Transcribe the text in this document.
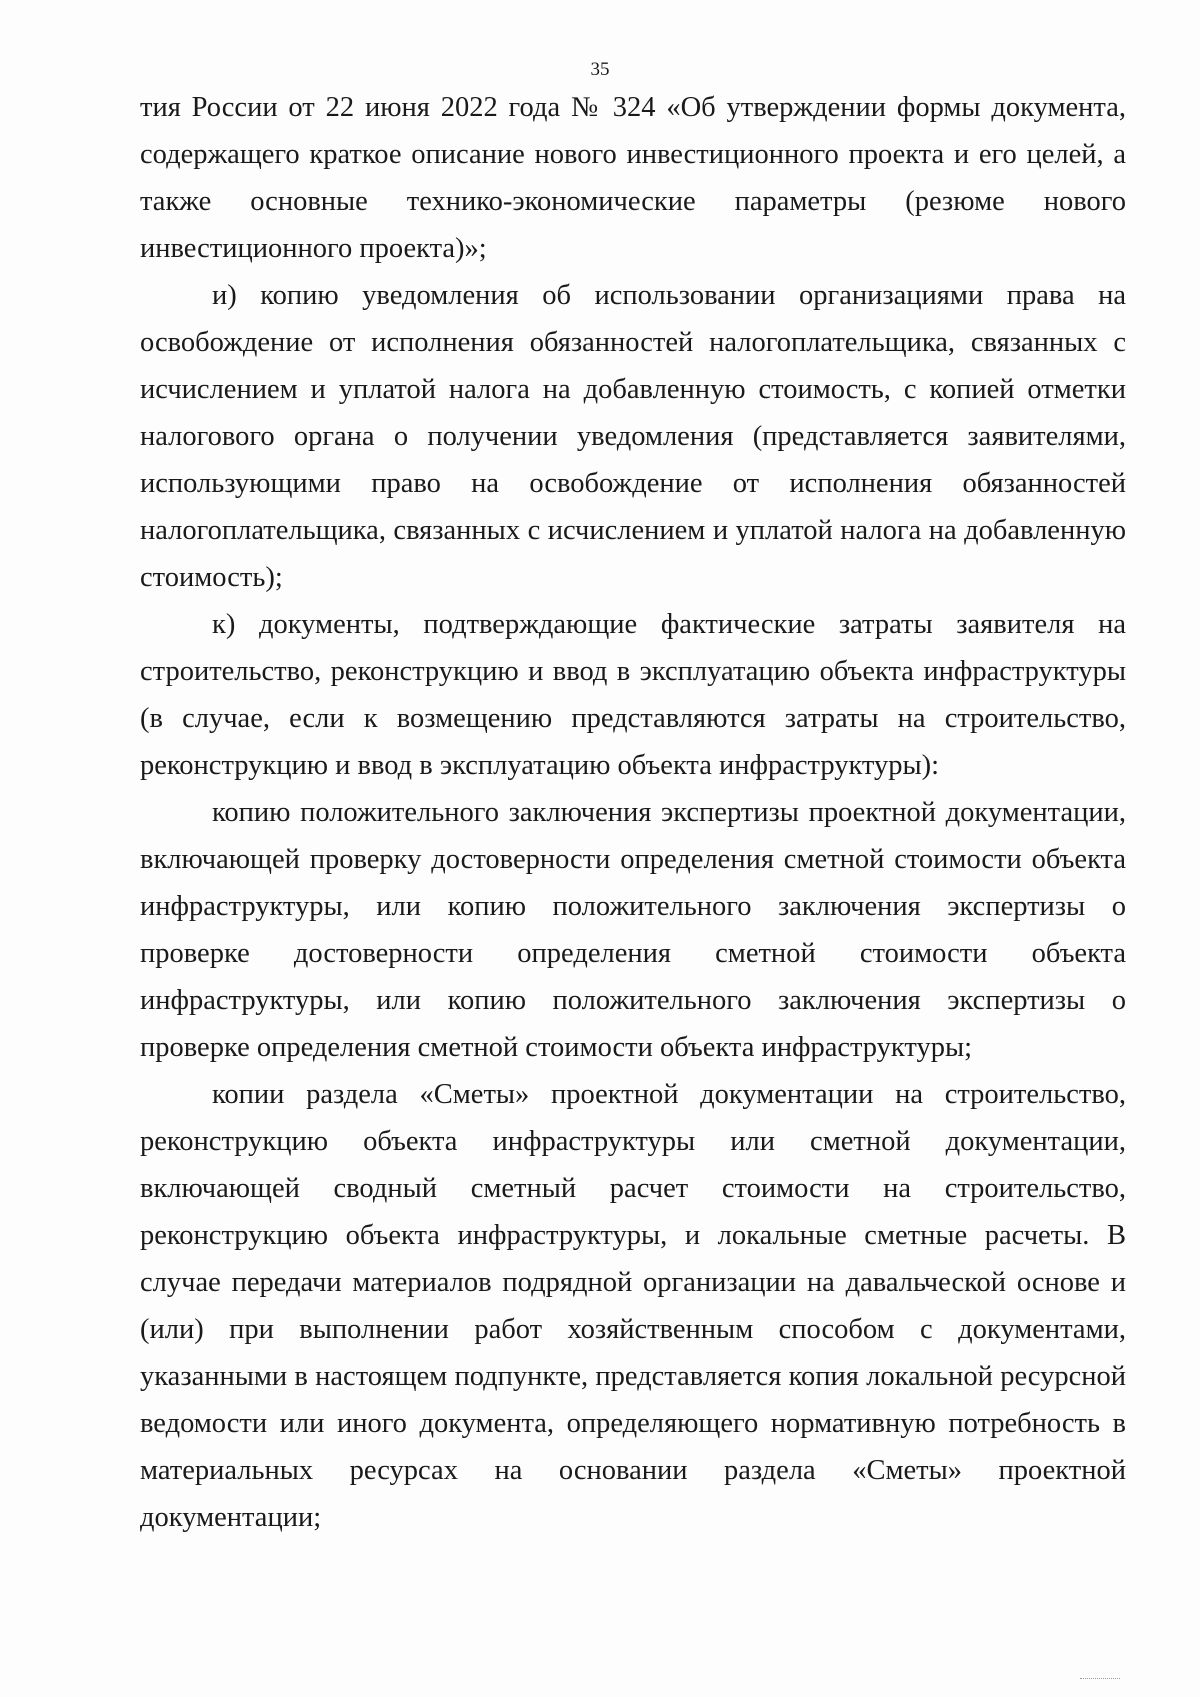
35

тия России от 22 июня 2022 года № 324 «Об утверждении формы документа, содержащего краткое описание нового инвестиционного проекта и его целей, а также основные технико-экономические параметры (резюме нового инвестиционного проекта)»;

и) копию уведомления об использовании организациями права на освобождение от исполнения обязанностей налогоплательщика, связанных с исчислением и уплатой налога на добавленную стоимость, с копией отметки налогового органа о получении уведомления (представляется заявителями, использующими право на освобождение от исполнения обязанностей налогоплательщика, связанных с исчислением и уплатой налога на добавленную стоимость);

к) документы, подтверждающие фактические затраты заявителя на строительство, реконструкцию и ввод в эксплуатацию объекта инфраструктуры (в случае, если к возмещению представляются затраты на строительство, реконструкцию и ввод в эксплуатацию объекта инфраструктуры):

копию положительного заключения экспертизы проектной документации, включающей проверку достоверности определения сметной стоимости объекта инфраструктуры, или копию положительного заключения экспертизы о проверке достоверности определения сметной стоимости объекта инфраструктуры, или копию положительного заключения экспертизы о проверке определения сметной стоимости объекта инфраструктуры;

копии раздела «Сметы» проектной документации на строительство, реконструкцию объекта инфраструктуры или сметной документации, включающей сводный сметный расчет стоимости на строительство, реконструкцию объекта инфраструктуры, и локальные сметные расчеты. В случае передачи материалов подрядной организации на давальческой основе и (или) при выполнении работ хозяйственным способом с документами, указанными в настоящем подпункте, представляется копия локальной ресурсной ведомости или иного документа, определяющего нормативную потребность в материальных ресурсах на основании раздела «Сметы» проектной документации;
